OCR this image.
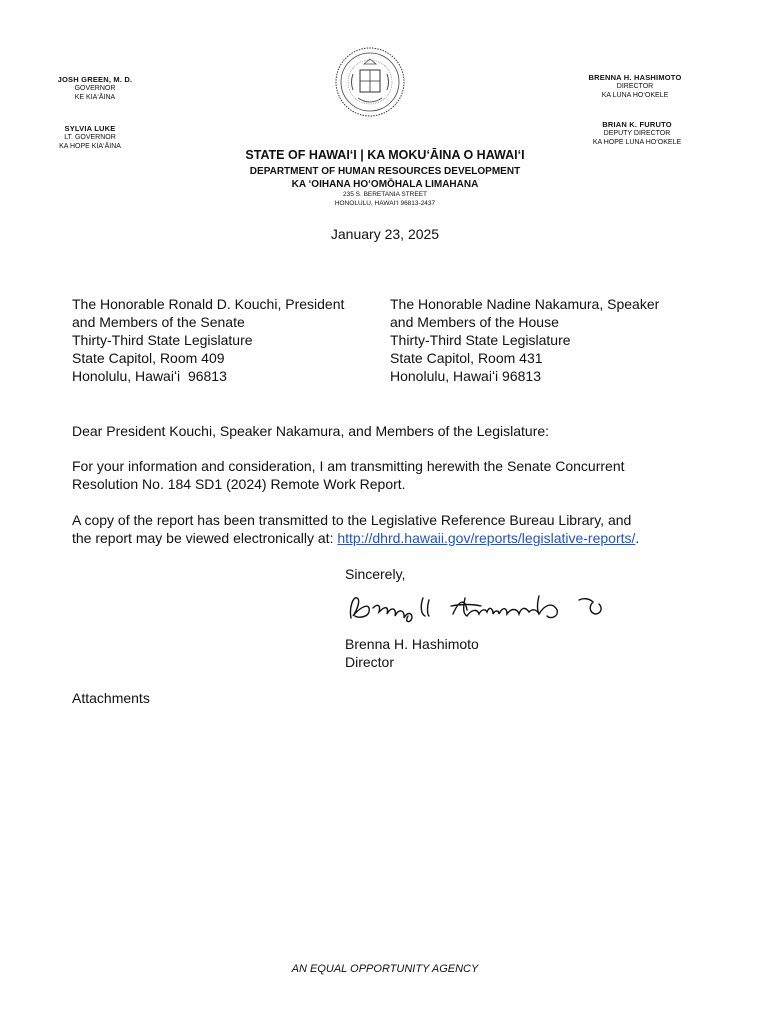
JOSH GREEN, M. D.
GOVERNOR
KE KIA‘ĀINA
SYLVIA LUKE
LT. GOVERNOR
KA HOPE KIA‘ĀINA
BRENNA H. HASHIMOTO
DIRECTOR
KA LUNA HO‘OKELE
BRIAN K. FURUTO
DEPUTY DIRECTOR
KA HOPE LUNA HO‘OKELE
STATE OF HAWAI‘I | KA MOKU‘ĀINA O HAWAI‘I
DEPARTMENT OF HUMAN RESOURCES DEVELOPMENT
KA ‘OIHANA HO‘OMŌHALA LIMAHANA
235 S. BERETANIA STREET
HONOLULU, HAWAI‘I 96813-2437
January 23, 2025
The Honorable Ronald D. Kouchi, President
and Members of the Senate
Thirty-Third State Legislature
State Capitol, Room 409
Honolulu, Hawaiʻi  96813
The Honorable Nadine Nakamura, Speaker
and Members of the House
Thirty-Third State Legislature
State Capitol, Room 431
Honolulu, Hawaiʻi 96813
Dear President Kouchi, Speaker Nakamura, and Members of the Legislature:
For your information and consideration, I am transmitting herewith the Senate Concurrent
Resolution No. 184 SD1 (2024) Remote Work Report.
A copy of the report has been transmitted to the Legislative Reference Bureau Library, and
the report may be viewed electronically at: http://dhrd.hawaii.gov/reports/legislative-reports/.
Sincerely,
Brenna H. Hashimoto
Director
Attachments
AN EQUAL OPPORTUNITY AGENCY
